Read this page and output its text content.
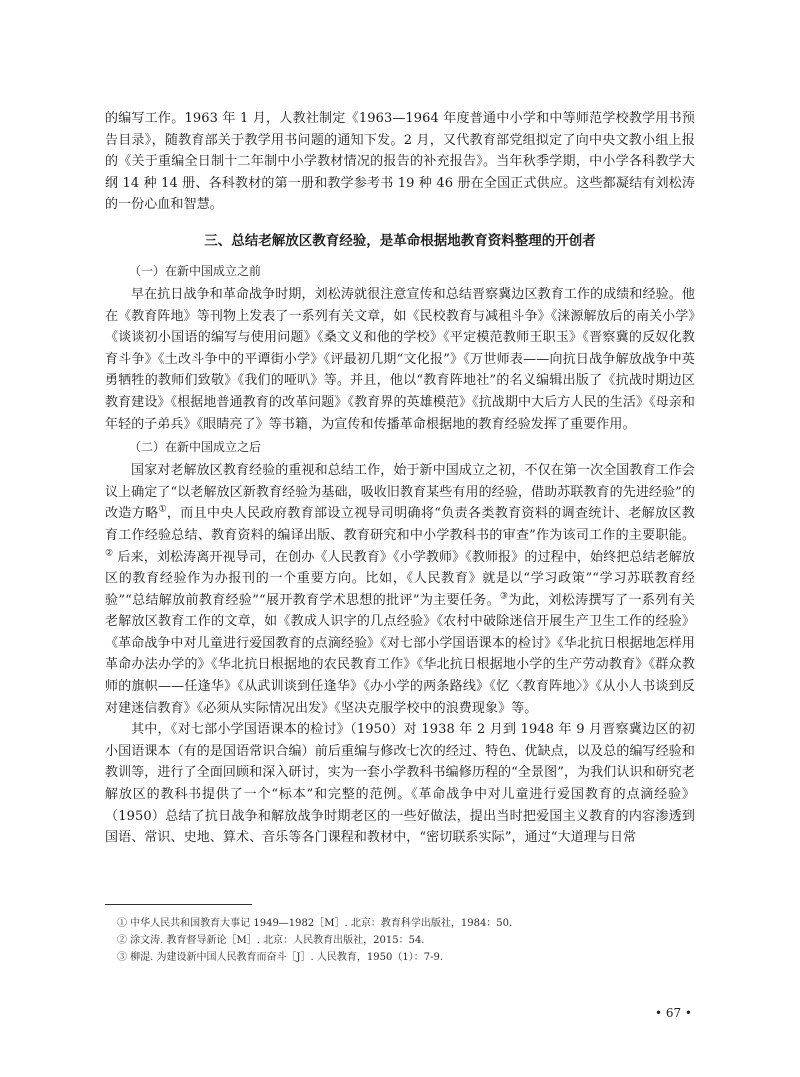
的编写工作。1963 年 1 月，人教社制定《1963—1964 年度普通中小学和中等师范学校教学用书预告目录》，随教育部关于教学用书问题的通知下发。2 月，又代教育部党组拟定了向中央文教小组上报的《关于重编全日制十二年制中小学教材情况的报告的补充报告》。当年秋季学期，中小学各科教学大纲 14 种 14 册、各科教材的第一册和教学参考书 19 种 46 册在全国正式供应。这些都凝结有刘松涛的一份心血和智慧。

三、总结老解放区教育经验，是革命根据地教育资料整理的开创者

（一）在新中国成立之前

早在抗日战争和革命战争时期，刘松涛就很注意宣传和总结晋察冀边区教育工作的成绩和经验。他在《教育阵地》等刊物上发表了一系列有关文章，如《民校教育与减租斗争》《涞源解放后的南关小学》《谈谈初小国语的编写与使用问题》《桑文义和他的学校》《平定模范教师王职玉》《晋察冀的反奴化教育斗争》《土改斗争中的平谭街小学》《评最初几期“文化报”》《万世师表——向抗日战争解放战争中英勇牺牲的教师们致敬》《我们的哑叭》等。并且，他以“教育阵地社”的名义编辑出版了《抗战时期边区教育建设》《根据地普通教育的改革问题》《教育界的英雄模范》《抗战期中大后方人民的生活》《母亲和年轻的子弟兵》《眼睛亮了》等书籍，为宣传和传播革命根据地的教育经验发挥了重要作用。

（二）在新中国成立之后

国家对老解放区教育经验的重视和总结工作，始于新中国成立之初，不仅在第一次全国教育工作会议上确定了“以老解放区新教育经验为基础，吸收旧教育某些有用的经验，借助苏联教育的先进经验”的改造方略①，而且中央人民政府教育部设立视导司明确将“负责各类教育资料的调查统计、老解放区教育工作经验总结、教育资料的编译出版、教育研究和中小学教科书的审查”作为该司工作的主要职能。② 后来，刘松涛离开视导司，在创办《人民教育》《小学教师》《教师报》的过程中，始终把总结老解放区的教育经验作为办报刊的一个重要方向。比如，《人民教育》就是以“学习政策”“学习苏联教育经验”“总结解放前教育经验”“展开教育学术思想的批评”为主要任务。③为此，刘松涛撰写了一系列有关老解放区教育工作的文章，如《教成人识字的几点经验》《农村中破除迷信开展生产卫生工作的经验》《革命战争中对儿童进行爱国教育的点滴经验》《对七部小学国语课本的检讨》《华北抗日根据地怎样用革命办法办学的》《华北抗日根据地的农民教育工作》《华北抗日根据地小学的生产劳动教育》《群众教师的旗帜——任逢华》《从武训谈到任逢华》《办小学的两条路线》《忆〈教育阵地〉》《从小人书谈到反对建迷信教育》《必须从实际情况出发》《坚决克服学校中的浪费现象》等。

其中，《对七部小学国语课本的检讨》（1950）对 1938 年 2 月到 1948 年 9 月晋察冀边区的初小国语课本（有的是国语常识合编）前后重编与修改七次的经过、特色、优缺点，以及总的编写经验和教训等，进行了全面回顾和深入研讨，实为一套小学教科书编修历程的“全景图”，为我们认识和研究老解放区的教科书提供了一个“标本”和完整的范例。《革命战争中对儿童进行爱国教育的点滴经验》（1950）总结了抗日战争和解放战争时期老区的一些好做法，提出当时把爱国主义教育的内容渗透到国语、常识、史地、算术、音乐等各门课程和教材中，“密切联系实际”，通过“大道理与日常

① 中华人民共和国教育大事记 1949—1982［M］. 北京：教育科学出版社，1984：50.

② 涂文涛. 教育督导新论［M］. 北京：人民教育出版社，2015：54.

③ 柳湜. 为建设新中国人民教育而奋斗［J］. 人民教育，1950（1）：7-9.

• 67 •
